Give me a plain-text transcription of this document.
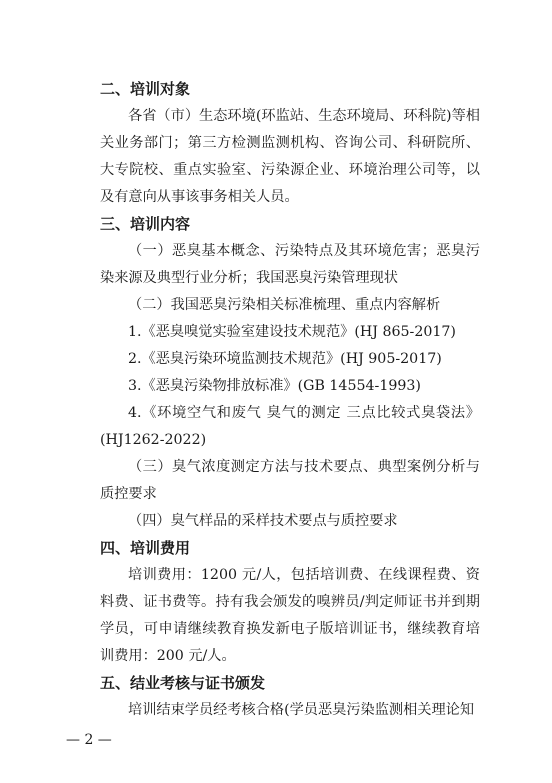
二、培训对象
各省（市）生态环境(环监站、生态环境局、环科院)等相关业务部门；第三方检测监测机构、咨询公司、科研院所、大专院校、重点实验室、污染源企业、环境治理公司等，以及有意向从事该事务相关人员。
三、培训内容
（一）恶臭基本概念、污染特点及其环境危害；恶臭污染来源及典型行业分析；我国恶臭污染管理现状
（二）我国恶臭污染相关标准梳理、重点内容解析
1.《恶臭嗅觉实验室建设技术规范》(HJ 865-2017)
2.《恶臭污染环境监测技术规范》(HJ 905-2017)
3.《恶臭污染物排放标准》(GB 14554-1993)
4.《环境空气和废气 臭气的测定 三点比较式臭袋法》(HJ1262-2022)
（三）臭气浓度测定方法与技术要点、典型案例分析与质控要求
（四）臭气样品的采样技术要点与质控要求
四、培训费用
培训费用：1200 元/人，包括培训费、在线课程费、资料费、证书费等。持有我会颁发的嗅辨员/判定师证书并到期学员，可申请继续教育换发新电子版培训证书，继续教育培训费用：200 元/人。
五、结业考核与证书颁发
培训结束学员经考核合格(学员恶臭污染监测相关理论知
— 2 —
